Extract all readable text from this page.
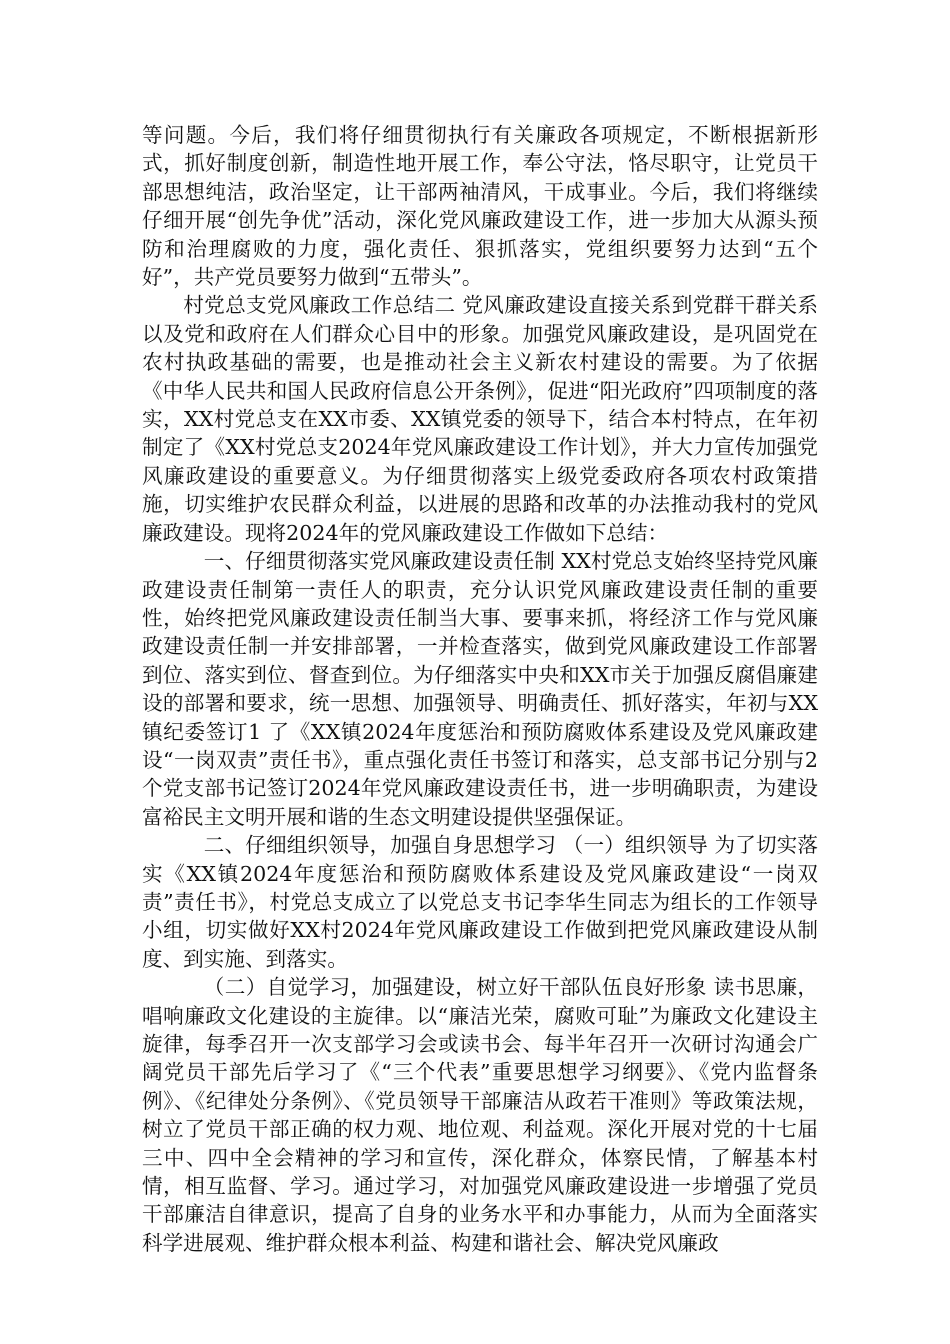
等问题。今后，我们将仔细贯彻执行有关廉政各项规定，不断根据新形式，抓好制度创新，制造性地开展工作，奉公守法，恪尽职守，让党员干部思想纯洁，政治坚定，让干部两袖清风，干成事业。今后，我们将继续仔细开展“创先争优”活动，深化党风廉政建设工作，进一步加大从源头预防和治理腐败的力度，强化责任、狠抓落实，党组织要努力达到“五个好”，共产党员要努力做到“五带头”。

村党总支党风廉政工作总结二 党风廉政建设直接关系到党群干群关系以及党和政府在人们群众心目中的形象。加强党风廉政建设，是巩固党在农村执政基础的需要，也是推动社会主义新农村建设的需要。为了依据《中华人民共和国人民政府信息公开条例》，促进“阳光政府”四项制度的落实，XX村党总支在XX市委、XX镇党委的领导下，结合本村特点，在年初制定了《XX村党总支2024年党风廉政建设工作计划》，并大力宣传加强党风廉政建设的重要意义。为仔细贯彻落实上级党委政府各项农村政策措施，切实维护农民群众利益，以进展的思路和改革的办法推动我村的党风廉政建设。现将2024年的党风廉政建设工作做如下总结：

一、仔细贯彻落实党风廉政建设责任制 XX村党总支始终坚持党风廉政建设责任制第一责任人的职责，充分认识党风廉政建设责任制的重要性，始终把党风廉政建设责任制当大事、要事来抓，将经济工作与党风廉政建设责任制一并安排部署，一并检查落实，做到党风廉政建设工作部署到位、落实到位、督查到位。为仔细落实中央和XX市关于加强反腐倡廉建设的部署和要求，统一思想、加强领导、明确责任、抓好落实，年初与XX镇纪委签订1 了《XX镇2024年度惩治和预防腐败体系建设及党风廉政建设“一岗双责”责任书》，重点强化责任书签订和落实，总支部书记分别与2个党支部书记签订2024年党风廉政建设责任书，进一步明确职责，为建设富裕民主文明开展和谐的生态文明建设提供坚强保证。

二、仔细组织领导，加强自身思想学习 （一）组织领导 为了切实落实《XX镇2024年度惩治和预防腐败体系建设及党风廉政建设“一岗双责”责任书》，村党总支成立了以党总支书记李华生同志为组长的工作领导小组，切实做好XX村2024年党风廉政建设工作做到把党风廉政建设从制度、到实施、到落实。

（二）自觉学习，加强建设，树立好干部队伍良好形象 读书思廉，唱响廉政文化建设的主旋律。以“廉洁光荣，腐败可耻”为廉政文化建设主旋律，每季召开一次支部学习会或读书会、每半年召开一次研讨沟通会广阔党员干部先后学习了《“三个代表”重要思想学习纲要》、《党内监督条例》、《纪律处分条例》、《党员领导干部廉洁从政若干准则》等政策法规，树立了党员干部正确的权力观、地位观、利益观。深化开展对党的十七届三中、四中全会精神的学习和宣传，深化群众，体察民情，了解基本村情，相互监督、学习。通过学习，对加强党风廉政建设进一步增强了党员干部廉洁自律意识，提高了自身的业务水平和办事能力，从而为全面落实科学进展观、维护群众根本利益、构建和谐社会、解决党风廉政
